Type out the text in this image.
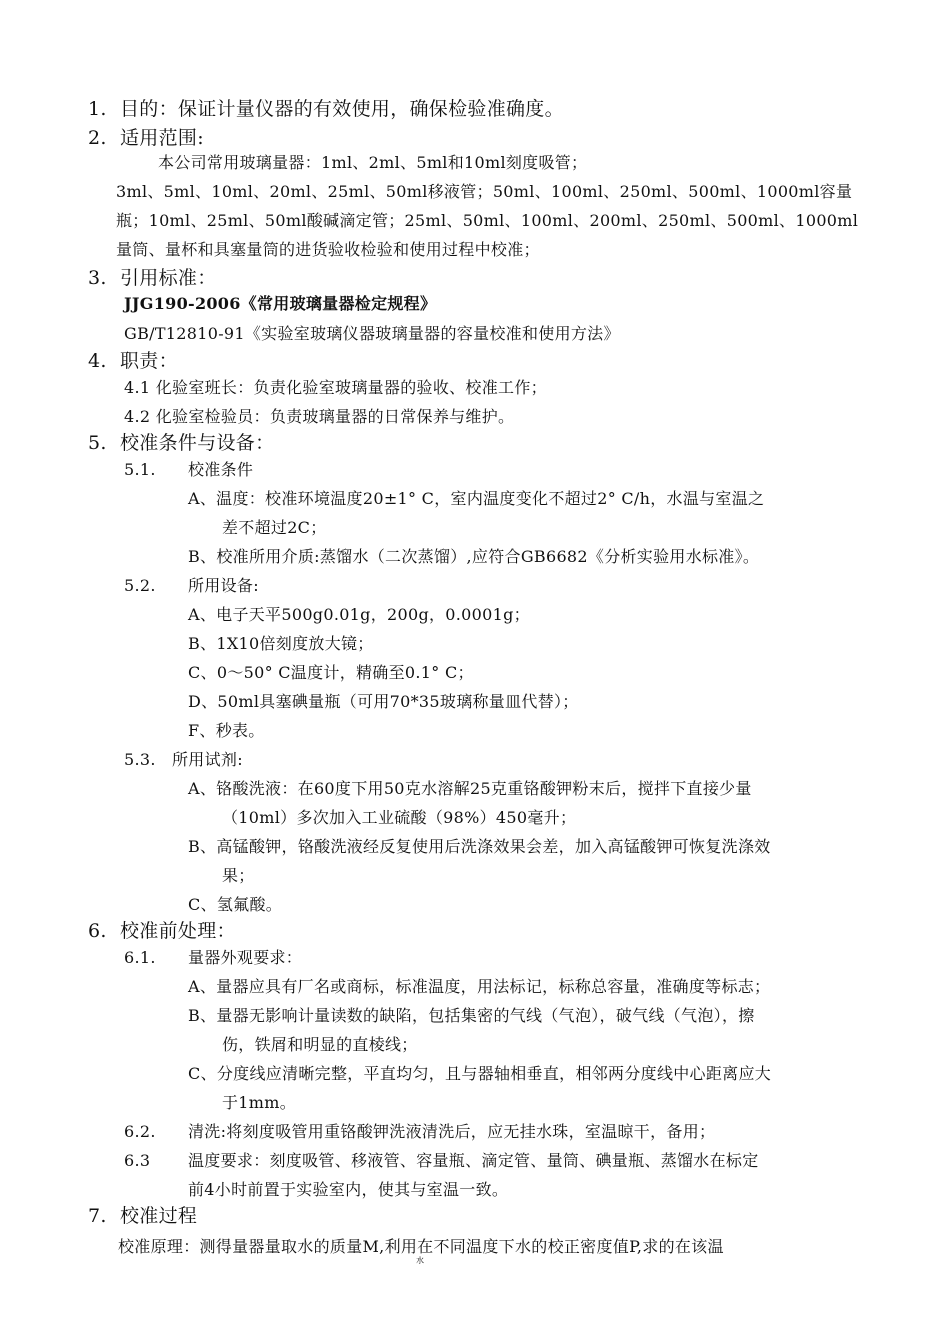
1. 目的：保证计量仪器的有效使用，确保检验准确度。
2. 适用范围:
本公司常用玻璃量器：1ml、2ml、5ml和10ml刻度吸管；
3ml、5ml、10ml、20ml、25ml、50ml移液管；50ml、100ml、250ml、500ml、1000ml容量
瓶；10ml、25ml、50ml酸碱滴定管；25ml、50ml、100ml、200ml、250ml、500ml、1000ml
量筒、量杯和具塞量筒的进货验收检验和使用过程中校准；
3. 引用标准：
JJG190-2006《常用玻璃量器检定规程》
GB/T12810-91《实验室玻璃仪器玻璃量器的容量校准和使用方法》
4. 职责：
4.1 化验室班长：负责化验室玻璃量器的验收、校准工作；
4.2 化验室检验员：负责玻璃量器的日常保养与维护。
5. 校准条件与设备：
5.1. 校准条件
A、温度：校准环境温度20±1° C，室内温度变化不超过2° C/h，水温与室温之
差不超过2C；
B、校准所用介质:蒸馏水（二次蒸馏）,应符合GB6682《分析实验用水标准》。
5.2. 所用设备:
A、电子天平500g0.01g，200g，0.0001g；
B、1X10倍刻度放大镜；
C、0～50° C温度计，精确至0.1° C；
D、50ml具塞碘量瓶（可用70*35玻璃称量皿代替）；
F、秒表。
5.3. 所用试剂:
A、铬酸洗液：在60度下用50克水溶解25克重铬酸钾粉末后，搅拌下直接少量
（10ml）多次加入工业硫酸（98%）450毫升；
B、高锰酸钾，铬酸洗液经反复使用后洗涤效果会差，加入高锰酸钾可恢复洗涤效
果；
C、氢氟酸。
6. 校准前处理：
6.1. 量器外观要求：
A、量器应具有厂名或商标，标准温度，用法标记，标称总容量，准确度等标志；
B、量器无影响计量读数的缺陷，包括集密的气线（气泡），破气线（气泡），擦
伤，铁屑和明显的直棱线；
C、分度线应清晰完整，平直均匀，且与器轴相垂直，相邻两分度线中心距离应大
于1mm。
6.2. 清洗:将刻度吸管用重铬酸钾洗液清洗后，应无挂水珠，室温晾干，备用；
6.3 温度要求：刻度吸管、移液管、容量瓶、滴定管、量筒、碘量瓶、蒸馏水在标定
前4小时前置于实验室内，使其与室温一致。
7. 校准过程
校准原理：测得量器量取水的质量M,利用在不同温度下水的校正密度值P,求的在该温
水
